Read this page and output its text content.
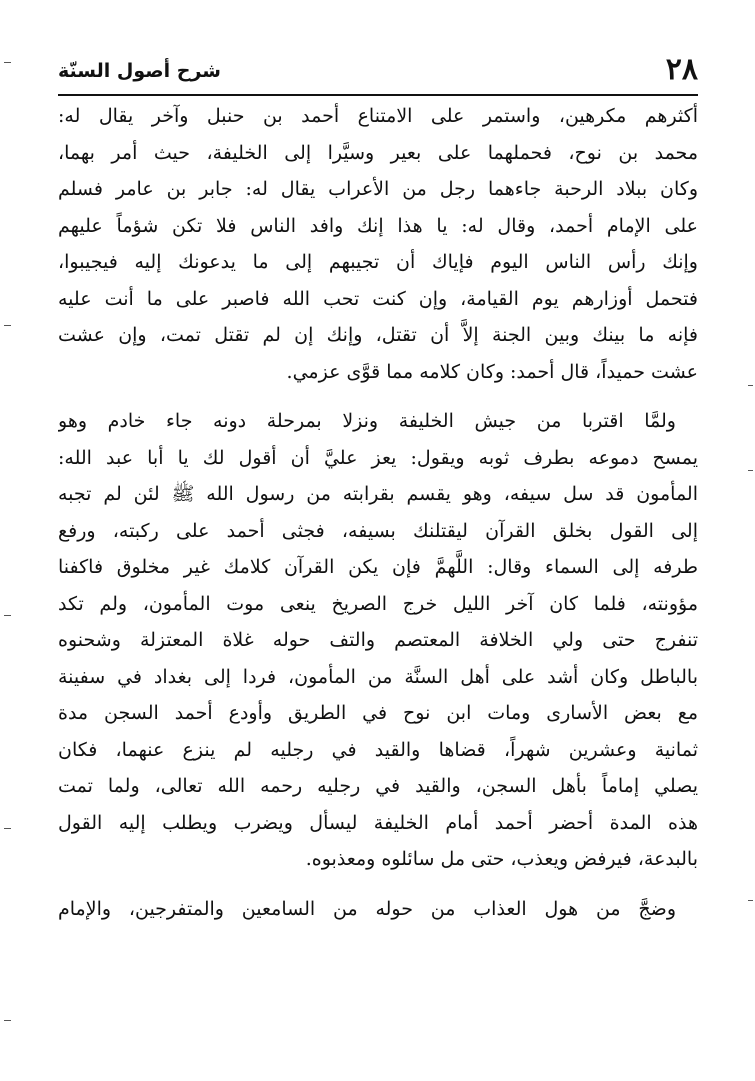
٢٨
شرح أصول السنّة
أكثرهم مكرهين، واستمر على الامتناع أحمد بن حنبل وآخر يقال له:
محمد بن نوح، فحملهما على بعير وسيَّرا إلى الخليفة، حيث أمر بهما،
وكان ببلاد الرحبة جاءهما رجل من الأعراب يقال له: جابر بن عامر فسلم
على الإمام أحمد، وقال له: يا هذا إنك وافد الناس فلا تكن شؤماً عليهم
وإنك رأس الناس اليوم فإياك أن تجيبهم إلى ما يدعونك إليه فيجيبوا،
فتحمل أوزارهم يوم القيامة، وإن كنت تحب الله فاصبر على ما أنت عليه
فإنه ما بينك وبين الجنة إلاَّ أن تقتل، وإنك إن لم تقتل تمت، وإن عشت
عشت حميداً، قال أحمد: وكان كلامه مما قوَّى عزمي.
ولمَّا اقتربا من جيش الخليفة ونزلا بمرحلة دونه جاء خادم وهو
يمسح دموعه بطرف ثوبه ويقول: يعز عليَّ أن أقول لك يا أبا عبد الله:
المأمون قد سل سيفه، وهو يقسم بقرابته من رسول الله ﷺ لئن لم تجبه
إلى القول بخلق القرآن ليقتلنك بسيفه، فجثى أحمد على ركبته، ورفع
طرفه إلى السماء وقال: اللَّهمَّ فإن يكن القرآن كلامك غير مخلوق فاكفنا
مؤونته، فلما كان آخر الليل خرج الصريخ ينعى موت المأمون، ولم تكد
تنفرج حتى ولي الخلافة المعتصم والتف حوله غلاة المعتزلة وشحنوه
بالباطل وكان أشد على أهل السنَّة من المأمون، فردا إلى بغداد في سفينة
مع بعض الأسارى ومات ابن نوح في الطريق وأودع أحمد السجن مدة
ثمانية وعشرين شهراً، قضاها والقيد في رجليه لم ينزع عنهما، فكان
يصلي إماماً بأهل السجن، والقيد في رجليه رحمه الله تعالى، ولما تمت
هذه المدة أحضر أحمد أمام الخليفة ليسأل ويضرب ويطلب إليه القول
بالبدعة، فيرفض ويعذب، حتى مل سائلوه ومعذبوه.
وضجَّ من هول العذاب من حوله من السامعين والمتفرجين، والإمام
